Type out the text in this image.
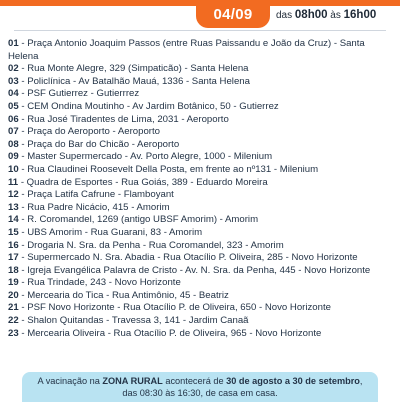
04/09 das 08h00 às 16h00
01 - Praça Antonio Joaquim Passos (entre Ruas Paissandu e João da Cruz) - Santa Helena
02 - Rua Monte Alegre, 329 (Simpaticão) - Santa Helena
03 - Policlínica - Av Batalhão Mauá, 1336 - Santa Helena
04 - PSF Gutierrez - Gutierrrez
05 - CEM Ondina Moutinho - Av Jardim Botânico, 50 - Gutierrez
06 - Rua José Tiradentes de Lima, 2031 - Aeroporto
07 - Praça do Aeroporto - Aeroporto
08 - Praça do Bar do Chicão - Aeroporto
09 - Master Supermercado - Av. Porto Alegre, 1000 - Milenium
10 - Rua Claudinei Roosevelt Della Posta, em frente ao nº131 - Milenium
11 - Quadra de Esportes - Rua Goiás, 389 - Eduardo Moreira
12 - Praça Latifa Cafrune - Flamboyant
13 - Rua Padre Nicácio, 415 - Amorim
14 - R. Coromandel, 1269 (antigo UBSF Amorim) - Amorim
15 - UBS Amorim - Rua Guarani, 83 - Amorim
16 - Drogaria N. Sra. da Penha - Rua Coromandel, 323 - Amorim
17 - Supermercado N. Sra. Abadia - Rua Otacílio P. Oliveira, 285 - Novo Horizonte
18 - Igreja Evangélica Palavra de Cristo - Av. N. Sra. da Penha, 445 - Novo Horizonte
19 - Rua Trindade, 243 - Novo Horizonte
20 - Mercearia do Tica - Rua Antimônio, 45 - Beatriz
21 - PSF Novo Horizonte - Rua Otacílio P. de Oliveira, 650 - Novo Horizonte
22 - Shalon Quitandas - Travessa 3, 141 - Jardim Canaã
23 - Mercearia Oliveira - Rua Otacílio P. de Oliveira, 965 - Novo Horizonte
A vacinação na ZONA RURAL acontecerá de 30 de agosto a 30 de setembro,
das 08:30 às 16:30, de casa em casa.
